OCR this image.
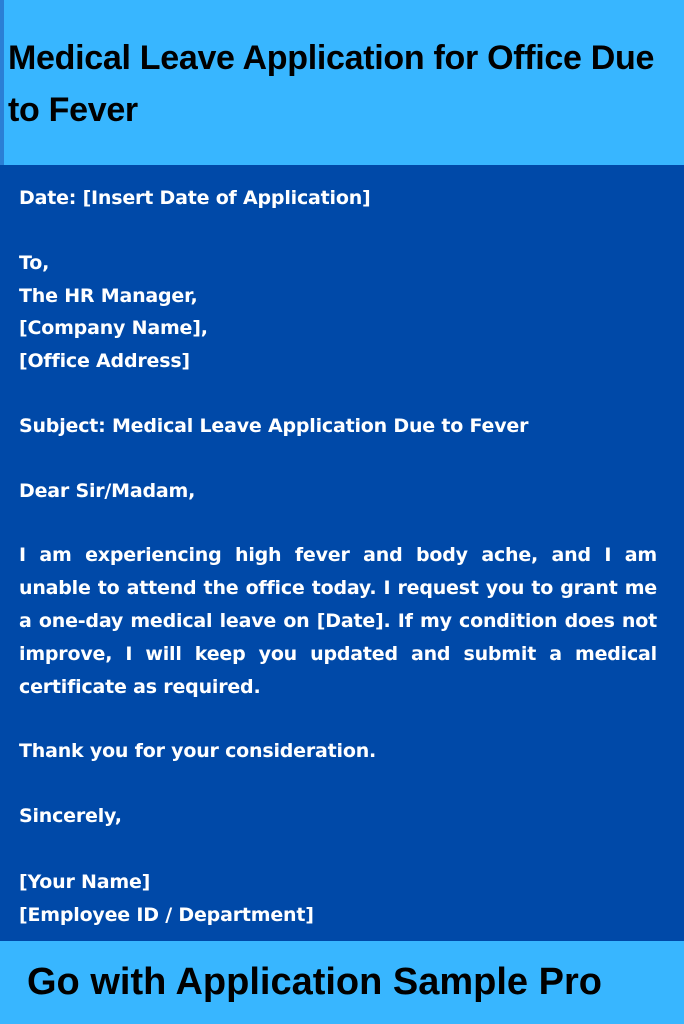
Medical Leave Application for Office Due to Fever

Date: [Insert Date of Application]

To,

The HR Manager,

[Company Name],

[Office Address]

Subject: Medical Leave Application Due to Fever

Dear Sir/Madam,

I am experiencing high fever and body ache, and I am unable to attend the office today. I request you to grant me a one-day medical leave on [Date]. If my condition does not improve, I will keep you updated and submit a medical certificate as required.

Thank you for your consideration.

Sincerely,

[Your Name]

[Employee ID / Department]

Go with Application Sample Pro
